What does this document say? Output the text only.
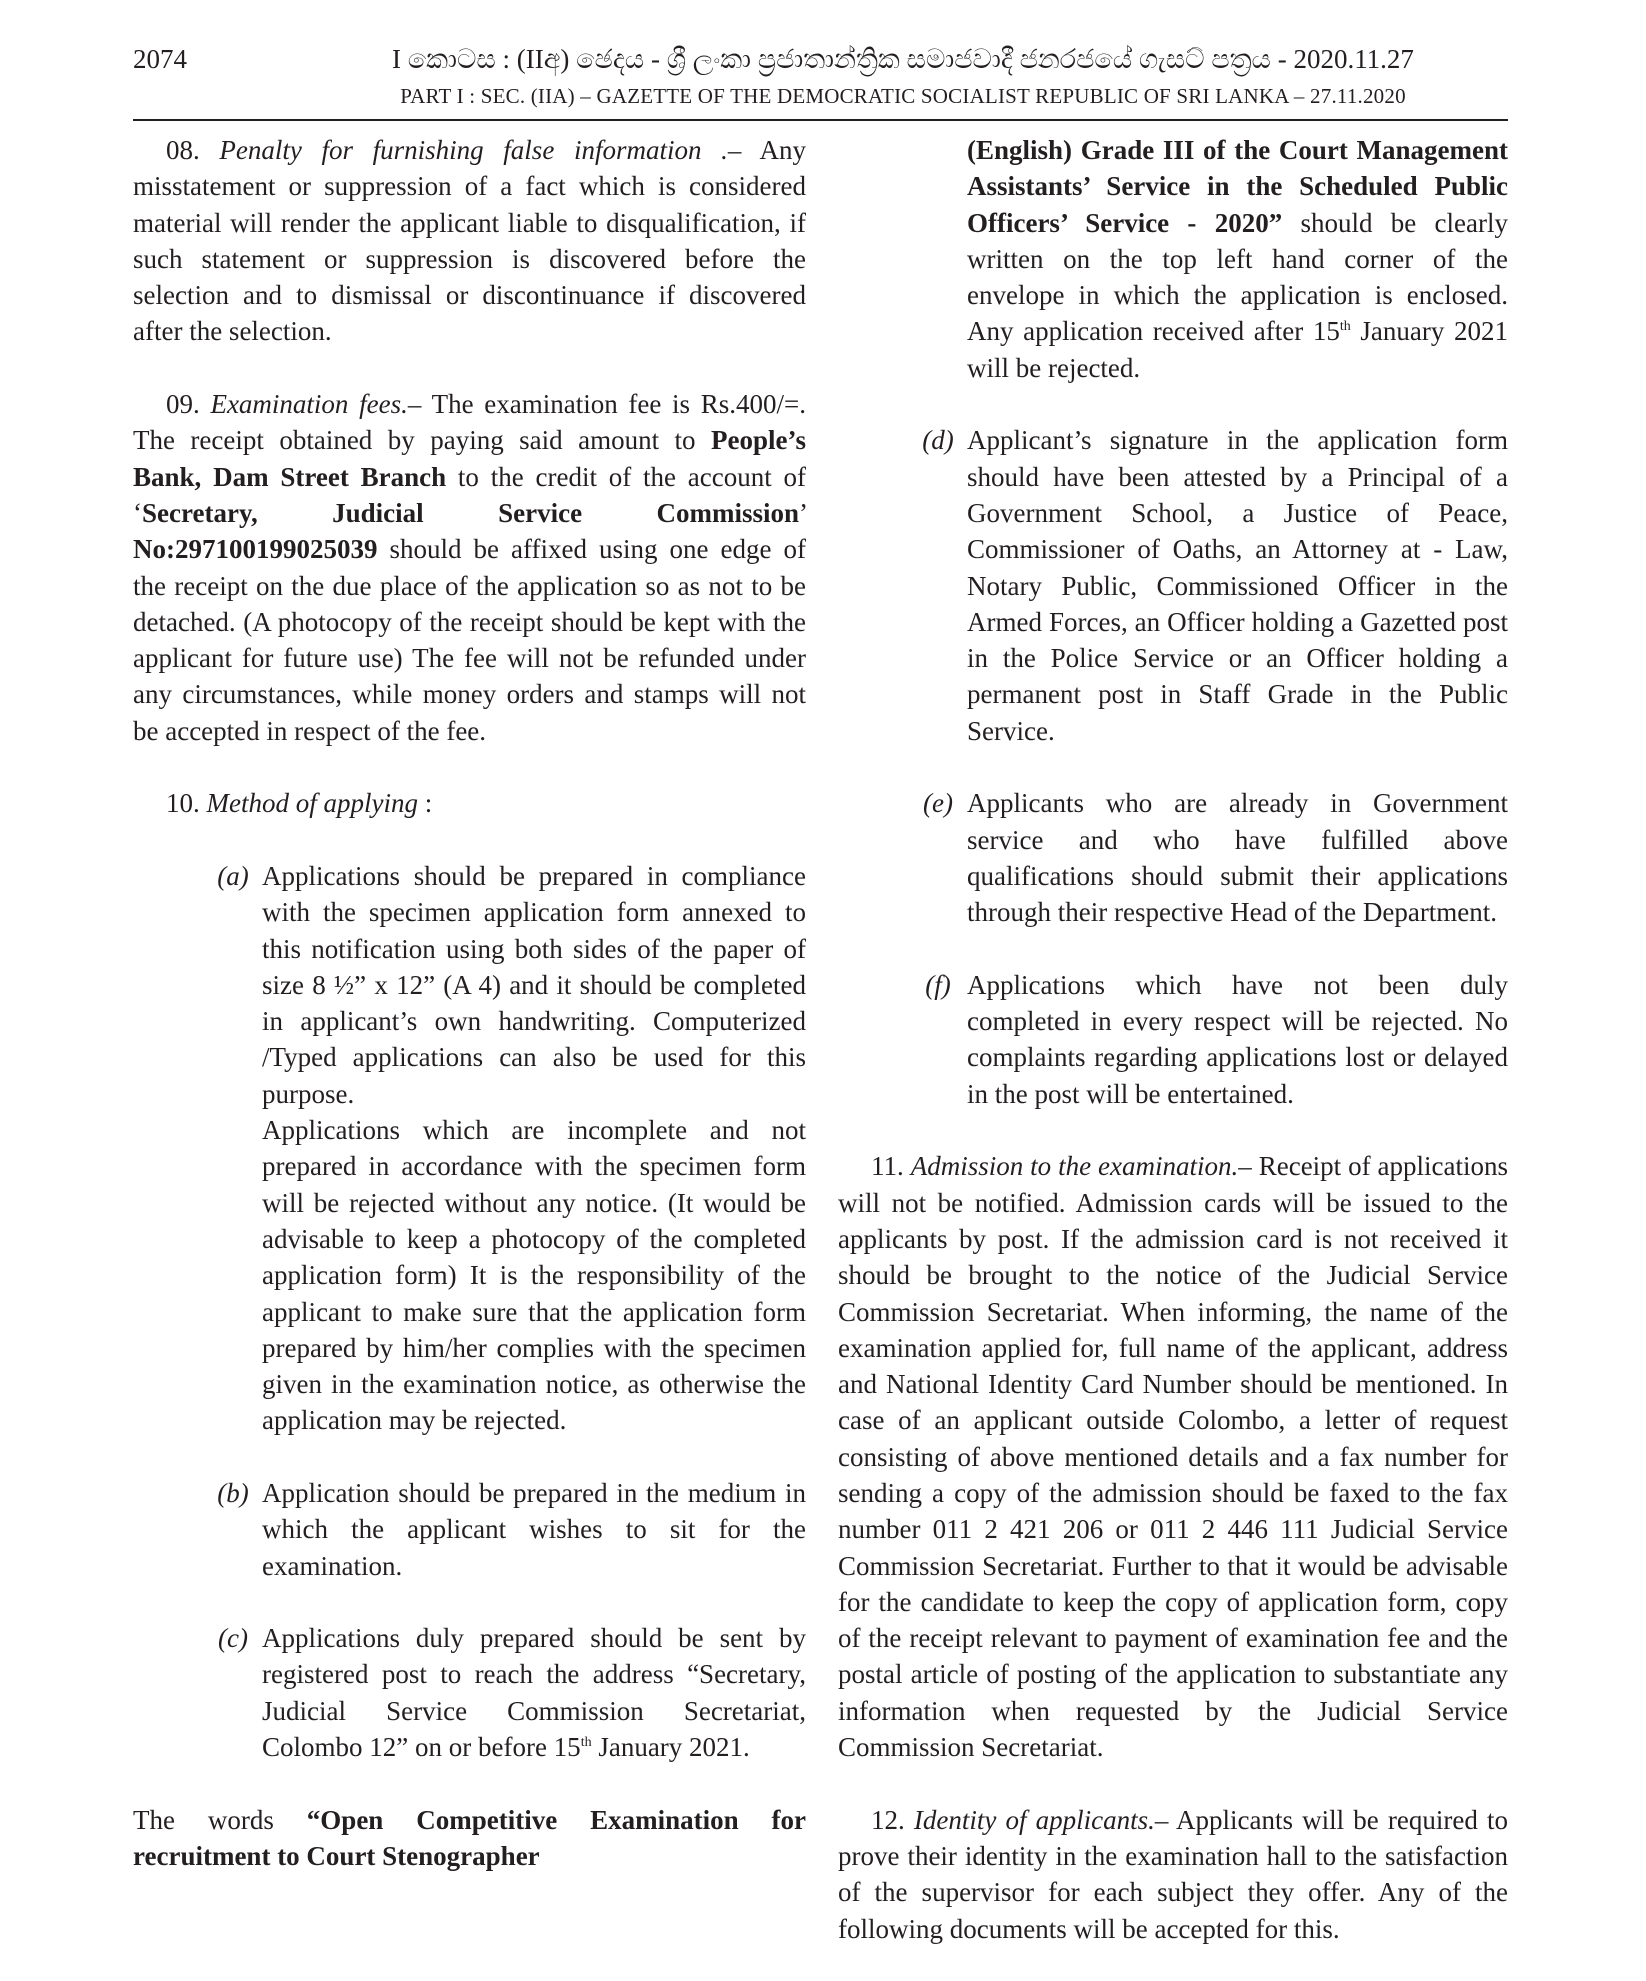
2074	I කොටස : (IIඅ) ඡෙදය - ශ්‍රී ලංකා ප්‍රජාතාන්ත්‍රික සමාජවාදී ජනරජයේ ගැසට් පත්‍රය - 2020.11.27
PART I : SEC. (IIA) – GAZETTE OF THE DEMOCRATIC SOCIALIST REPUBLIC OF SRI LANKA – 27.11.2020

08. Penalty for furnishing false information .– Any misstatement or suppression of a fact which is considered material will render the applicant liable to disqualification, if such statement or suppression is discovered before the selection and to dismissal or discontinuance if discovered after the selection.

09. Examination fees.– The examination fee is Rs.400/=. The receipt obtained by paying said amount to People’s Bank, Dam Street Branch to the credit of the account of ‘Secretary, Judicial Service Commission’ No:297100199025039 should be affixed using one edge of the receipt on the due place of the application so as not to be detached. (A photocopy of the receipt should be kept with the applicant for future use) The fee will not be refunded under any circumstances, while money orders and stamps will not be accepted in respect of the fee.

10. Method of applying :

(a) Applications should be prepared in compliance with the specimen application form annexed to this notification using both sides of the paper of size 8 ½” x 12” (A 4) and it should be completed in applicant’s own handwriting. Computerized /Typed applications can also be used for this purpose.

Applications which are incomplete and not prepared in accordance with the specimen form will be rejected without any notice. (It would be advisable to keep a photocopy of the completed application form) It is the responsibility of the applicant to make sure that the application form prepared by him/her complies with the specimen given in the examination notice, as otherwise the application may be rejected.

(b) Application should be prepared in the medium in which the applicant wishes to sit for the examination.

(c) Applications duly prepared should be sent by registered post to reach the address “Secretary, Judicial Service Commission Secretariat, Colombo 12” on or before 15th January 2021.

The words “Open Competitive Examination for recruitment to Court Stenographer

(English) Grade III of the Court Management Assistants’ Service in the Scheduled Public Officers’ Service - 2020” should be clearly written on the top left hand corner of the envelope in which the application is enclosed. Any application received after 15th January 2021 will be rejected.

(d) Applicant’s signature in the application form should have been attested by a Principal of a Government School, a Justice of Peace, Commissioner of Oaths, an Attorney at - Law, Notary Public, Commissioned Officer in the Armed Forces, an Officer holding a Gazetted post in the Police Service or an Officer holding a permanent post in Staff Grade in the Public Service.

(e) Applicants who are already in Government service and who have fulfilled above qualifications should submit their applications through their respective Head of the Department.

(f) Applications which have not been duly completed in every respect will be rejected. No complaints regarding applications lost or delayed in the post will be entertained.

11. Admission to the examination.– Receipt of applications will not be notified. Admission cards will be issued to the applicants by post. If the admission card is not received it should be brought to the notice of the Judicial Service Commission Secretariat. When informing, the name of the examination applied for, full name of the applicant, address and National Identity Card Number should be mentioned. In case of an applicant outside Colombo, a letter of request consisting of above mentioned details and a fax number for sending a copy of the admission should be faxed to the fax number 011 2 421 206 or 011 2 446 111 Judicial Service Commission Secretariat. Further to that it would be advisable for the candidate to keep the copy of application form, copy of the receipt relevant to payment of examination fee and the postal article of posting of the application to substantiate any information when requested by the Judicial Service Commission Secretariat.

12. Identity of applicants.– Applicants will be required to prove their identity in the examination hall to the satisfaction of the supervisor for each subject they offer. Any of the following documents will be accepted for this.
